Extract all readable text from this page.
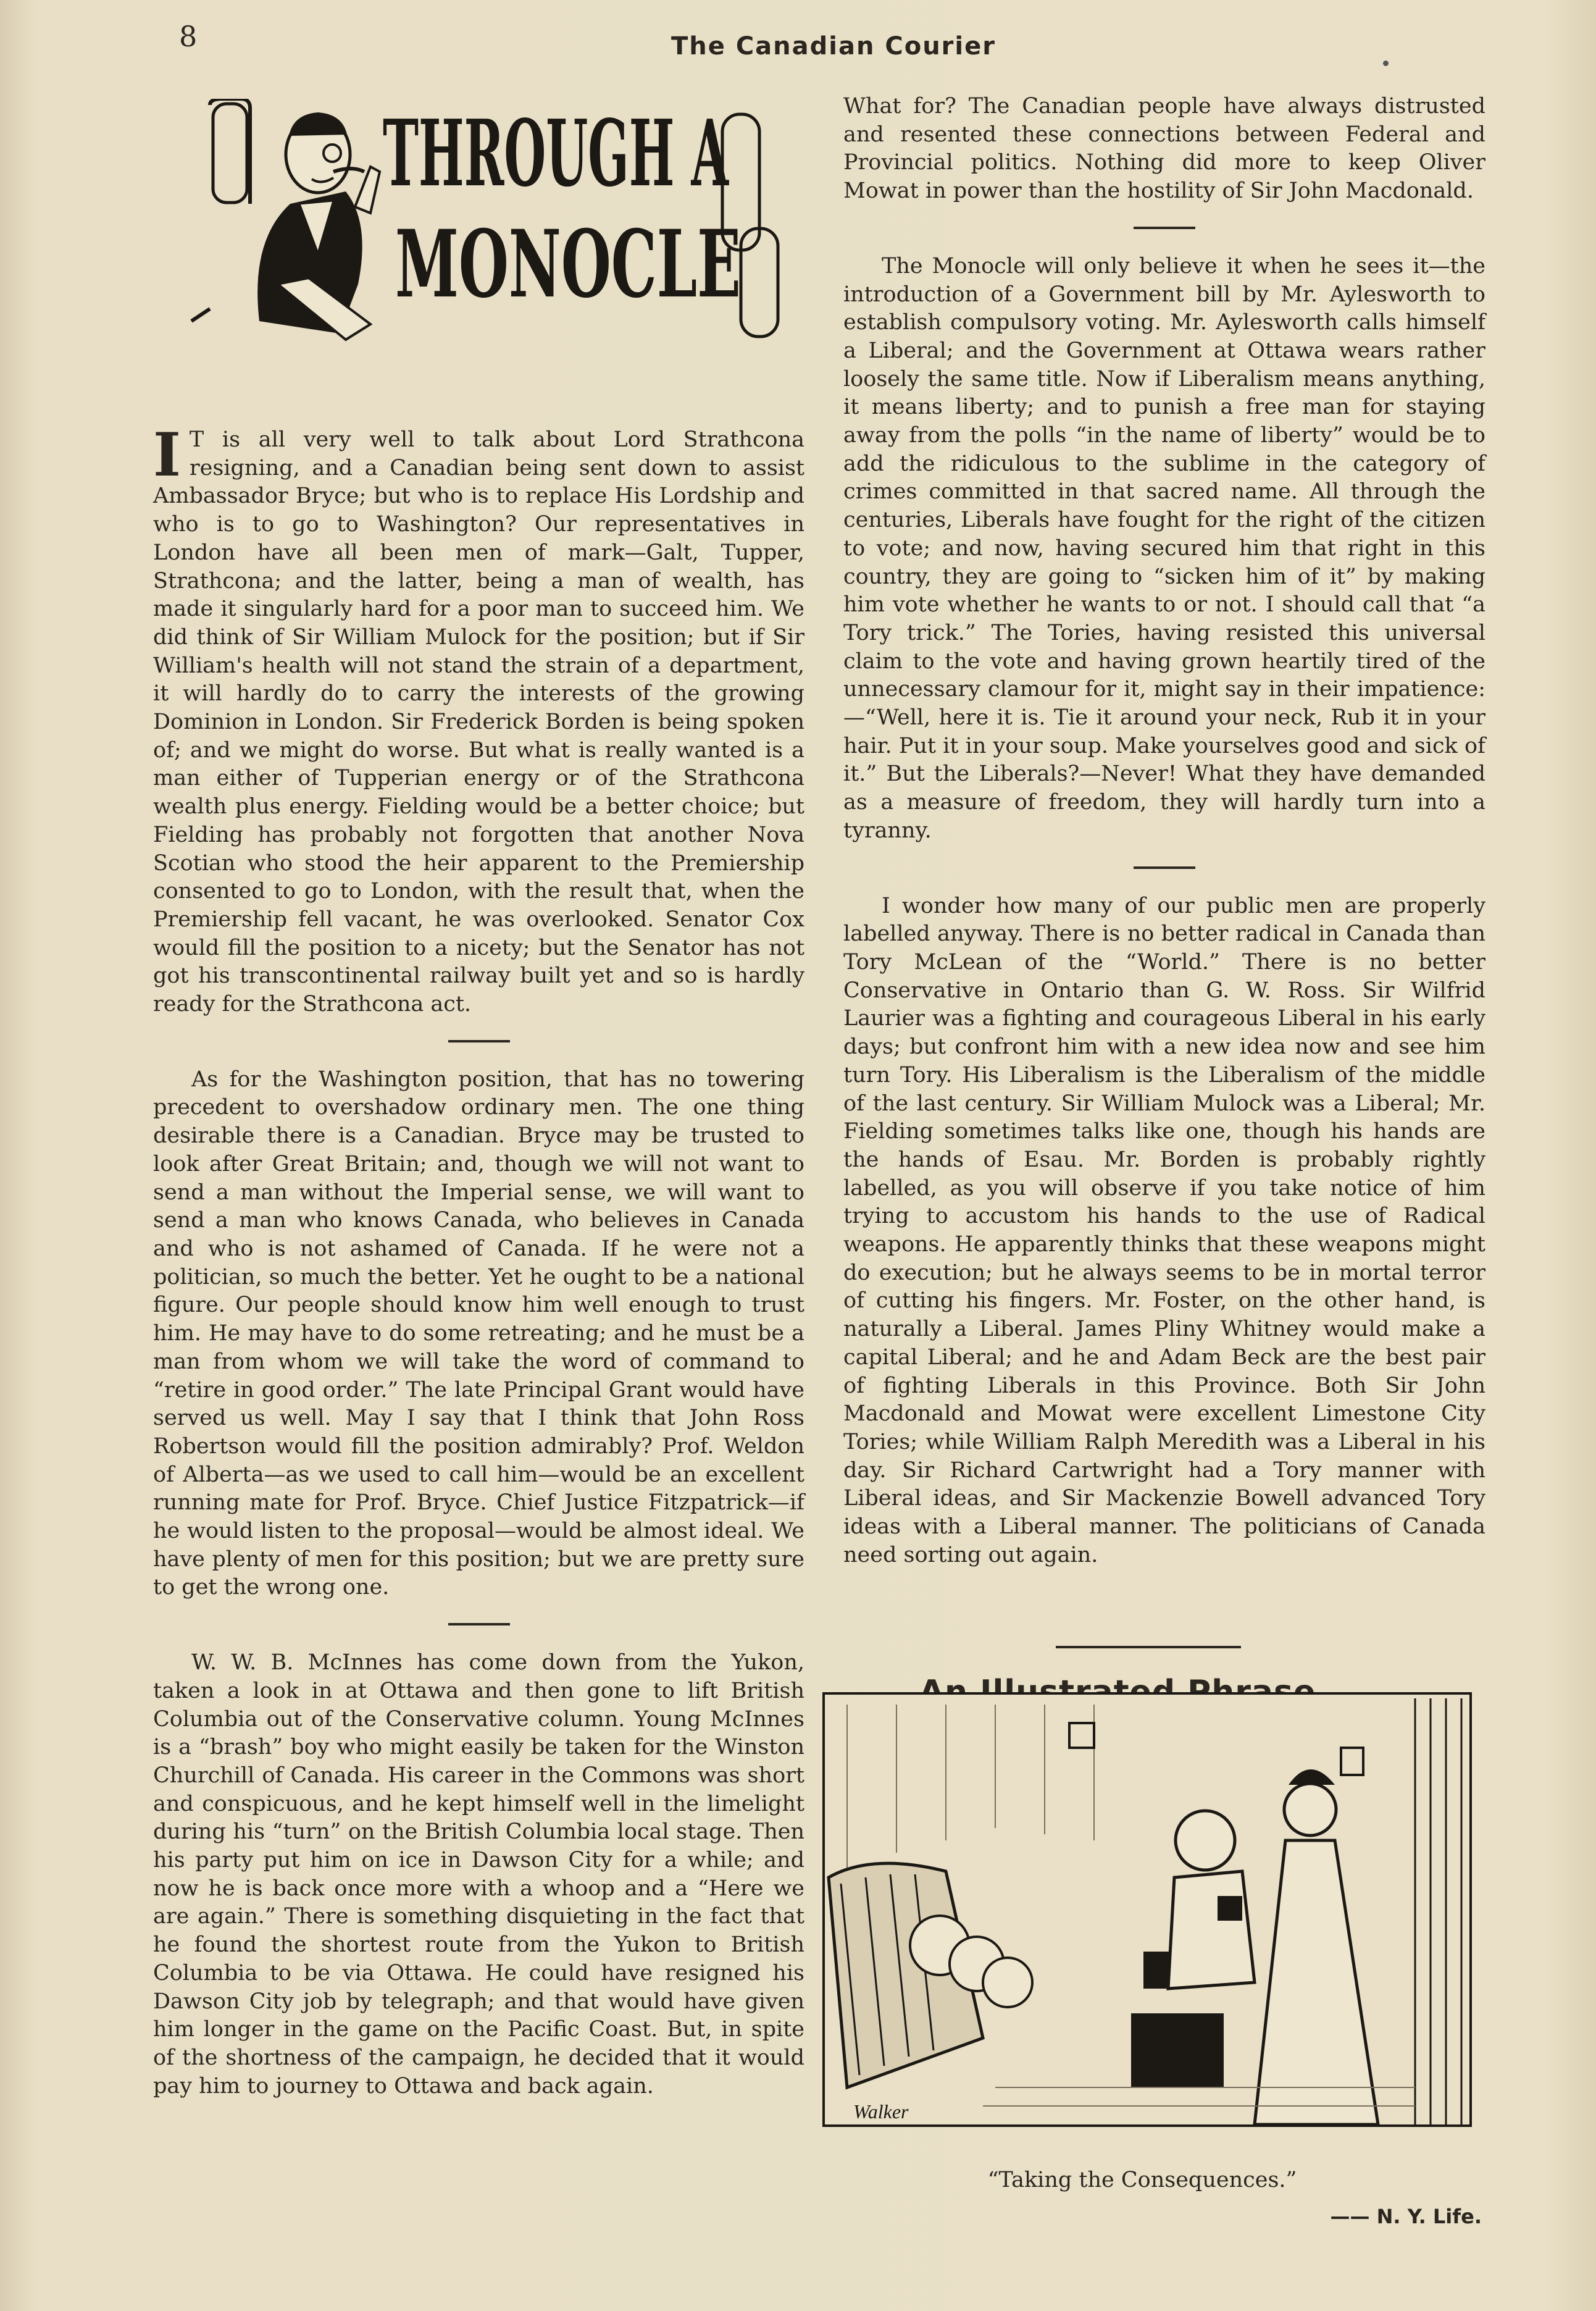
8	The Canadian Courier
THROUGH A
MONOCLE

I T is all very well to talk about Lord Strathcona resigning, and a Canadian being sent down to assist Ambassador Bryce; but who is to replace His Lordship and who is to go to Washington? Our representatives in London have all been men of mark—Galt, Tupper, Strathcona; and the latter, being a man of wealth, has made it singularly hard for a poor man to succeed him. We did think of Sir William Mulock for the position; but if Sir William's health will not stand the strain of a department, it will hardly do to carry the interests of the growing Dominion in London. Sir Frederick Borden is being spoken of; and we might do worse. But what is really wanted is a man either of Tupperian energy or of the Strathcona wealth plus energy. Fielding would be a better choice; but Fielding has probably not forgotten that another Nova Scotian who stood the heir apparent to the Premiership consented to go to London, with the result that, when the Premiership fell vacant, he was overlooked. Senator Cox would fill the position to a nicety; but the Senator has not got his transcontinental railway built yet and so is hardly ready for the Strathcona act.

As for the Washington position, that has no towering precedent to overshadow ordinary men. The one thing desirable there is a Canadian. Bryce may be trusted to look after Great Britain; and, though we will not want to send a man without the Imperial sense, we will want to send a man who knows Canada, who believes in Canada and who is not ashamed of Canada. If he were not a politician, so much the better. Yet he ought to be a national figure. Our people should know him well enough to trust him. He may have to do some retreating; and he must be a man from whom we will take the word of command to “retire in good order.” The late Principal Grant would have served us well. May I say that I think that John Ross Robertson would fill the position admirably? Prof. Weldon of Alberta—as we used to call him—would be an excellent running mate for Prof. Bryce. Chief Justice Fitzpatrick—if he would listen to the proposal—would be almost ideal. We have plenty of men for this position; but we are pretty sure to get the wrong one.

W. W. B. McInnes has come down from the Yukon, taken a look in at Ottawa and then gone to lift British Columbia out of the Conservative column. Young McInnes is a “brash” boy who might easily be taken for the Winston Churchill of Canada. His career in the Commons was short and conspicuous, and he kept himself well in the limelight during his “turn” on the British Columbia local stage. Then his party put him on ice in Dawson City for a while; and now he is back once more with a whoop and a “Here we are again.” There is something disquieting in the fact that he found the shortest route from the Yukon to British Columbia to be via Ottawa. He could have resigned his Dawson City job by telegraph; and that would have given him longer in the game on the Pacific Coast. But, in spite of the shortness of the campaign, he decided that it would pay him to journey to Ottawa and back again.

What for? The Canadian people have always distrusted and resented these connections between Federal and Provincial politics. Nothing did more to keep Oliver Mowat in power than the hostility of Sir John Macdonald.

The Monocle will only believe it when he sees it—the introduction of a Government bill by Mr. Aylesworth to establish compulsory voting. Mr. Aylesworth calls himself a Liberal; and the Government at Ottawa wears rather loosely the same title. Now if Liberalism means anything, it means liberty; and to punish a free man for staying away from the polls “in the name of liberty” would be to add the ridiculous to the sublime in the category of crimes committed in that sacred name. All through the centuries, Liberals have fought for the right of the citizen to vote; and now, having secured him that right in this country, they are going to “sicken him of it” by making him vote whether he wants to or not. I should call that “a Tory trick.” The Tories, having resisted this universal claim to the vote and having grown heartily tired of the unnecessary clamour for it, might say in their impatience:—“Well, here it is. Tie it around your neck, Rub it in your hair. Put it in your soup. Make yourselves good and sick of it.” But the Liberals?—Never! What they have demanded as a measure of freedom, they will hardly turn into a tyranny.

I wonder how many of our public men are properly labelled anyway. There is no better radical in Canada than Tory McLean of the “World.” There is no better Conservative in Ontario than G. W. Ross. Sir Wilfrid Laurier was a fighting and courageous Liberal in his early days; but confront him with a new idea now and see him turn Tory. His Liberalism is the Liberalism of the middle of the last century. Sir William Mulock was a Liberal; Mr. Fielding sometimes talks like one, though his hands are the hands of Esau. Mr. Borden is probably rightly labelled, as you will observe if you take notice of him trying to accustom his hands to the use of Radical weapons. He apparently thinks that these weapons might do execution; but he always seems to be in mortal terror of cutting his fingers. Mr. Foster, on the other hand, is naturally a Liberal. James Pliny Whitney would make a capital Liberal; and he and Adam Beck are the best pair of fighting Liberals in this Province. Both Sir John Macdonald and Mowat were excellent Limestone City Tories; while William Ralph Meredith was a Liberal in his day. Sir Richard Cartwright had a Tory manner with Liberal ideas, and Sir Mackenzie Bowell advanced Tory ideas with a Liberal manner. The politicians of Canada need sorting out again.

Walker
“Taking the Consequences.”
—— N. Y. Life.
